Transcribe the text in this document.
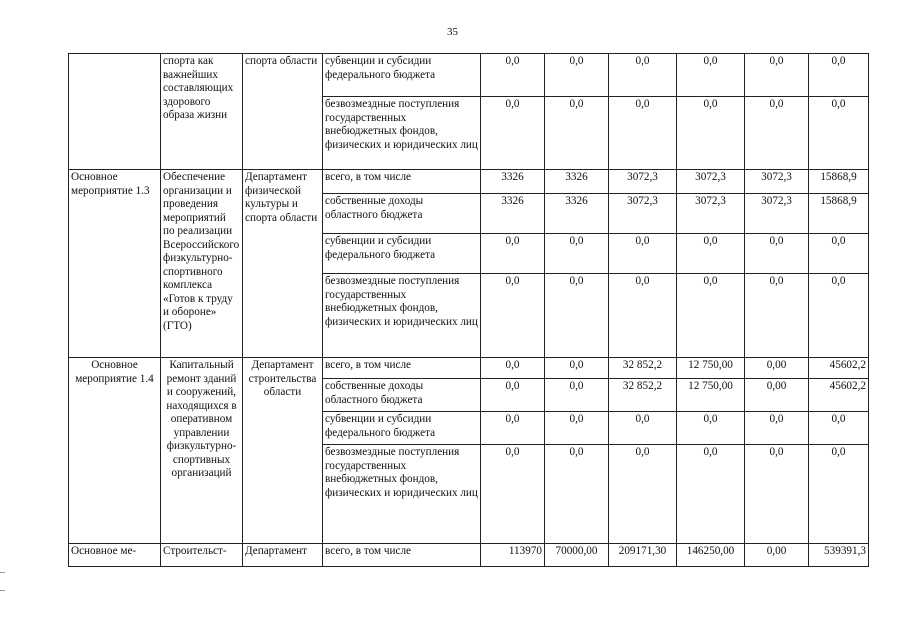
35
	спорта как важнейших составляющих здорового образа жизни	спорта области	субвенции и субсидии федерального бюджета	0,0	0,0	0,0	0,0	0,0	0,0
			безвозмездные поступления государственных внебюджетных фондов, физических и юридических лиц	0,0	0,0	0,0	0,0	0,0	0,0
Основное мероприятие 1.3	Обеспечение организации и проведения мероприятий по реализации Всероссийского физкультурно-спортивного комплекса «Готов к труду и обороне» (ГТО)	Департамент физической культуры и спорта области	всего, в том числе	3326	3326	3072,3	3072,3	3072,3	15868,9
			собственные доходы областного бюджета	3326	3326	3072,3	3072,3	3072,3	15868,9
			субвенции и субсидии федерального бюджета	0,0	0,0	0,0	0,0	0,0	0,0
			безвозмездные поступления государственных внебюджетных фондов, физических и юридических лиц	0,0	0,0	0,0	0,0	0,0	0,0
Основное мероприятие 1.4	Капитальный ремонт зданий и сооружений, находящихся в оперативном управлении физкультурно-спортивных организаций	Департамент строительства области	всего, в том числе	0,0	0,0	32 852,2	12 750,00	0,00	45602,2
			собственные доходы областного бюджета	0,0	0,0	32 852,2	12 750,00	0,00	45602,2
			субвенции и субсидии федерального бюджета	0,0	0,0	0,0	0,0	0,0	0,0
			безвозмездные поступления государственных внебюджетных фондов, физических и юридических лиц	0,0	0,0	0,0	0,0	0,0	0,0
Основное ме-	Строительст-	Департамент	всего, в том числе	113970	70000,00	209171,30	146250,00	0,00	539391,3
